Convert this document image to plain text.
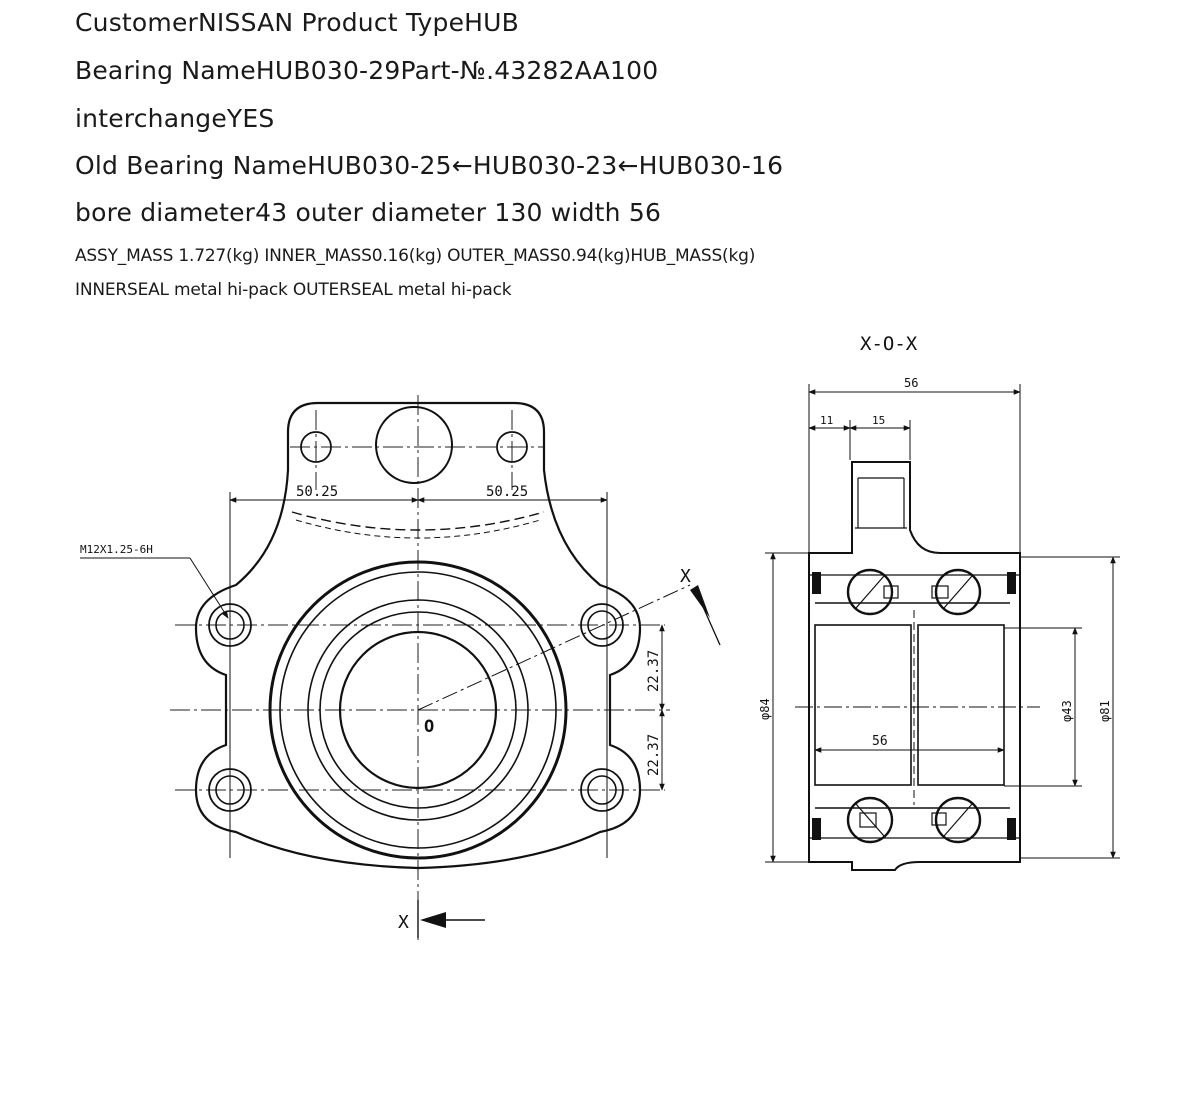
CustomerNISSAN Product TypeHUB

Bearing NameHUB030-29Part-№.43282AA100

interchangeYES

Old Bearing NameHUB030-25←HUB030-23←HUB030-16

bore diameter43 outer diameter 130 width 56

ASSY_MASS 1.727(kg) INNER_MASS0.16(kg) OUTER_MASS0.94(kg)HUB_MASS(kg)

INNERSEAL metal hi-pack OUTERSEAL metal hi-pack

50.25	50.25
M12X1.25-6H
O
X
22.37
22.37
X
X-O-X
56
11	15
56
φ84	φ43 φ81
